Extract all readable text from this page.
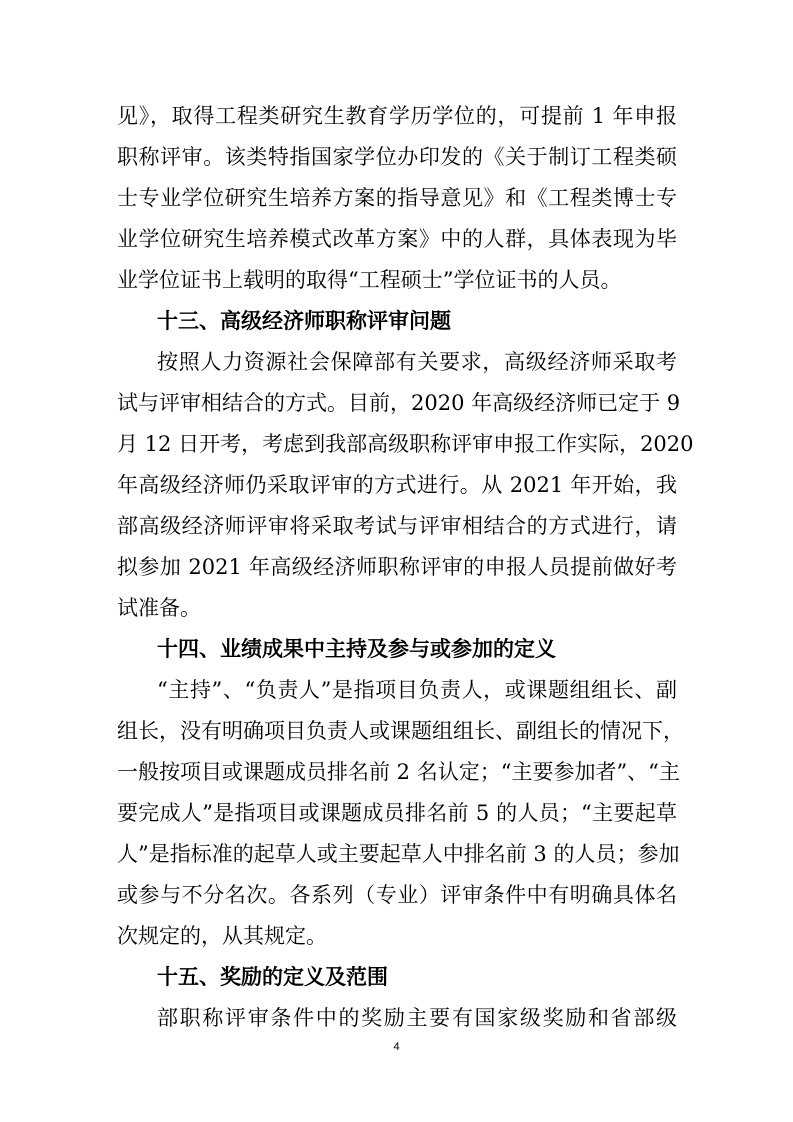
见》，取得工程类研究生教育学历学位的，可提前 1 年申报
职称评审。该类特指国家学位办印发的《关于制订工程类硕
士专业学位研究生培养方案的指导意见》和《工程类博士专
业学位研究生培养模式改革方案》中的人群，具体表现为毕
业学位证书上载明的取得“工程硕士”学位证书的人员。
十三、高级经济师职称评审问题
按照人力资源社会保障部有关要求，高级经济师采取考
试与评审相结合的方式。目前，2020 年高级经济师已定于 9
月 12 日开考，考虑到我部高级职称评审申报工作实际，2020
年高级经济师仍采取评审的方式进行。从 2021 年开始，我
部高级经济师评审将采取考试与评审相结合的方式进行，请
拟参加 2021 年高级经济师职称评审的申报人员提前做好考
试准备。
十四、业绩成果中主持及参与或参加的定义
“主持”、“负责人”是指项目负责人，或课题组组长、副
组长，没有明确项目负责人或课题组组长、副组长的情况下，
一般按项目或课题成员排名前 2 名认定；“主要参加者”、“主
要完成人”是指项目或课题成员排名前 5 的人员；“主要起草
人”是指标准的起草人或主要起草人中排名前 3 的人员；参加
或参与不分名次。各系列（专业）评审条件中有明确具体名
次规定的，从其规定。
十五、奖励的定义及范围
部职称评审条件中的奖励主要有国家级奖励和省部级
4
